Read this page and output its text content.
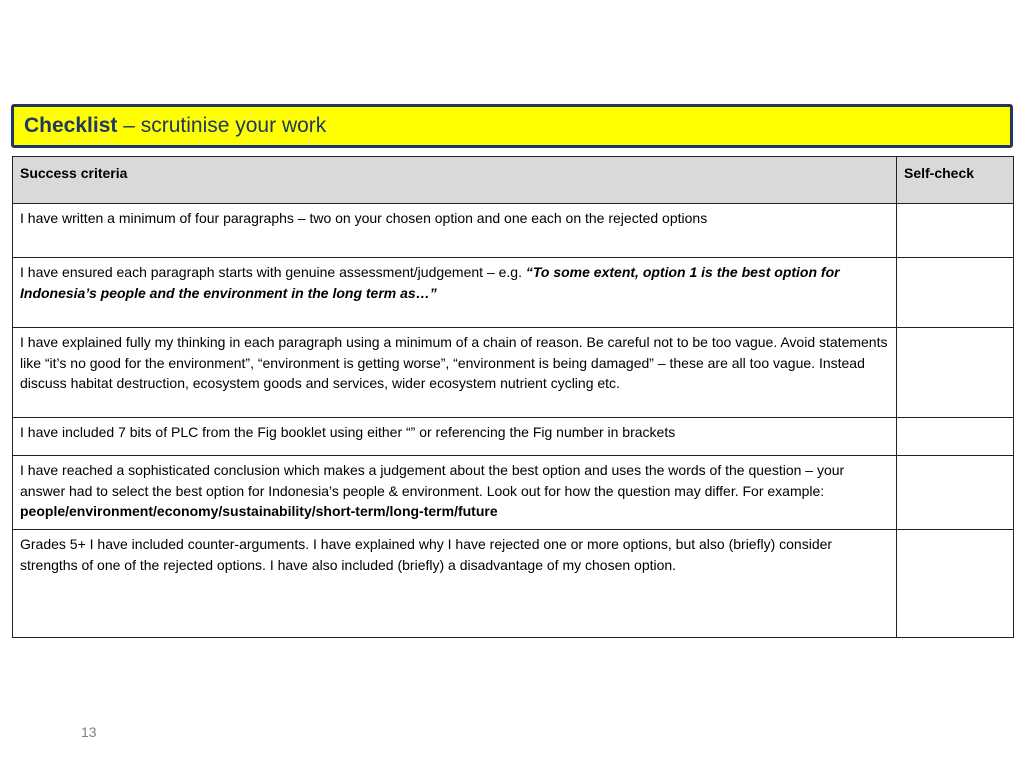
Checklist – scrutinise your work
Success criteria	Self-check
I have written a minimum of four paragraphs – two on your chosen option and one each on the rejected options	
I have ensured each paragraph starts with genuine assessment/judgement – e.g. “To some extent, option 1 is the best option for Indonesia’s people and the environment in the long term as…”	
I have explained fully my thinking in each paragraph using a minimum of a chain of reason. Be careful not to be too vague. Avoid statements like “it’s no good for the environment”, “environment is getting worse”, “environment is being damaged” – these are all too vague. Instead discuss habitat destruction, ecosystem goods and services, wider ecosystem nutrient cycling etc.	
I have included 7 bits of PLC from the Fig booklet using either “” or referencing the Fig number in brackets	
I have reached a sophisticated conclusion which makes a judgement about the best option and uses the words of the question – your answer had to select the best option for Indonesia’s people & environment. Look out for how the question may differ. For example: people/environment/economy/sustainability/short-term/long-term/future	
Grades 5+ I have included counter-arguments. I have explained why I have rejected one or more options, but also (briefly) consider strengths of one of the rejected options. I have also included (briefly) a disadvantage of my chosen option.	
13
